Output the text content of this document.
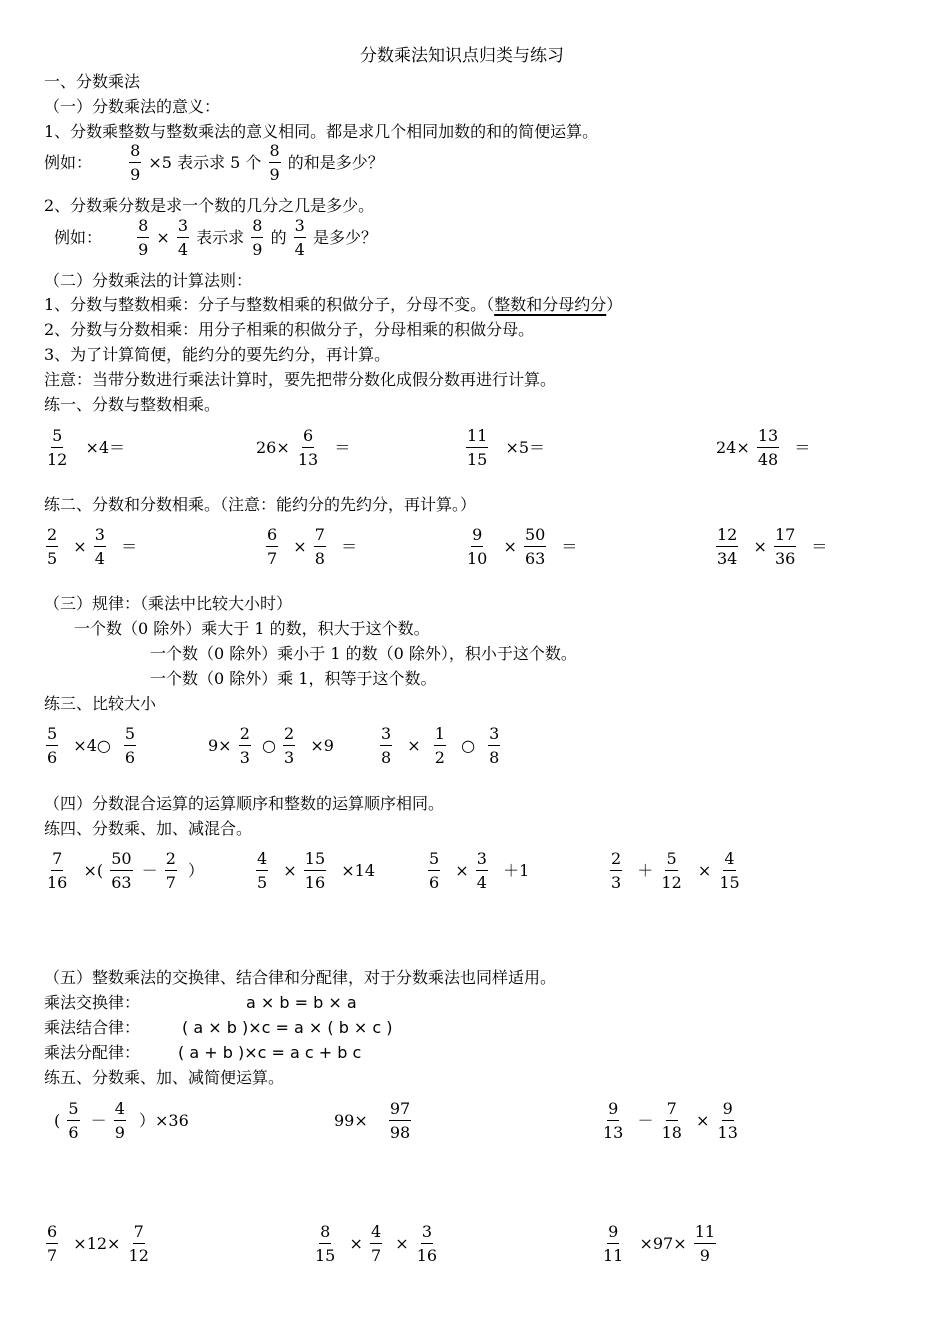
分数乘法知识点归类与练习
一、分数乘法
（一）分数乘法的意义：
1、分数乘整数与整数乘法的意义相同。都是求几个相同加数的和的简便运算。
例如： $\frac{8}{9} \times 5$ 表示求 5 个 $\frac{8}{9}$ 的和是多少？
2、分数乘分数是求一个数的几分之几是多少。
例如： $\frac{8}{9} \times \frac{3}{4}$ 表示求 $\frac{8}{9}$ 的 $\frac{3}{4}$ 是多少？
（二）分数乘法的计算法则：
1、分数与整数相乘：分子与整数相乘的积做分子，分母不变。（整数和分母约分）
2、分数与分数相乘：用分子相乘的积做分子，分母相乘的积做分母。
3、为了计算简便，能约分的要先约分，再计算。
注意：当带分数进行乘法计算时，要先把带分数化成假分数再进行计算。
练一、分数与整数相乘。
$\frac{5}{12} \times 4=$	$26\times \frac{6}{13}$ ＝	$\frac{11}{15} \times 5=$	$24\times \frac{13}{48}$ ＝
练二、分数和分数相乘。（注意：能约分的先约分，再计算。）
$\frac{2}{5} \times \frac{3}{4}$ ＝	$\frac{6}{7} \times \frac{7}{8}$ ＝	$\frac{9}{10} \times \frac{50}{63}$ ＝	$\frac{12}{34} \times \frac{17}{36}$ ＝
（三）规律：（乘法中比较大小时）
一个数（0 除外）乘大于 1 的数，积大于这个数。
一个数（0 除外）乘小于 1 的数（0 除外），积小于这个数。
一个数（0 除外）乘 1，积等于这个数。
练三、比较大小
$\frac{5}{6}$ ×4○ $\frac{5}{6}$	$9\times \frac{2}{3}$ ○ $\frac{2}{3} \times 9$	$\frac{3}{8} \times \frac{1}{2}$ ○ $\frac{3}{8}$
（四）分数混合运算的运算顺序和整数的运算顺序相同。
练四、分数乘、加、减混合。
$\frac{7}{16}$ ×( $\frac{50}{63} - \frac{2}{7}$ ）	$\frac{4}{5} \times \frac{15}{16} \times 14$	$\frac{5}{6} \times \frac{3}{4} +1$	$\frac{2}{3} + \frac{5}{12} \times \frac{4}{15}$
（五）整数乘法的交换律、结合律和分配律，对于分数乘法也同样适用。
乘法交换律：	a × b = b × a
乘法结合律：	( a × b )×c = a × ( b × c )
乘法分配律： ( a + b )×c = a c + b c
练五、分数乘、加、减简便运算。
( $\frac{5}{6} - \frac{4}{9} )\times 36$	$99\times \frac{97}{98}$	$\frac{9}{13} - \frac{7}{18} \times \frac{9}{13}$
$\frac{6}{7} \times 12\times \frac{7}{12}$	$\frac{8}{15} \times \frac{4}{7} \times \frac{3}{16}$	$\frac{9}{11} \times 97\times \frac{11}{9}$
